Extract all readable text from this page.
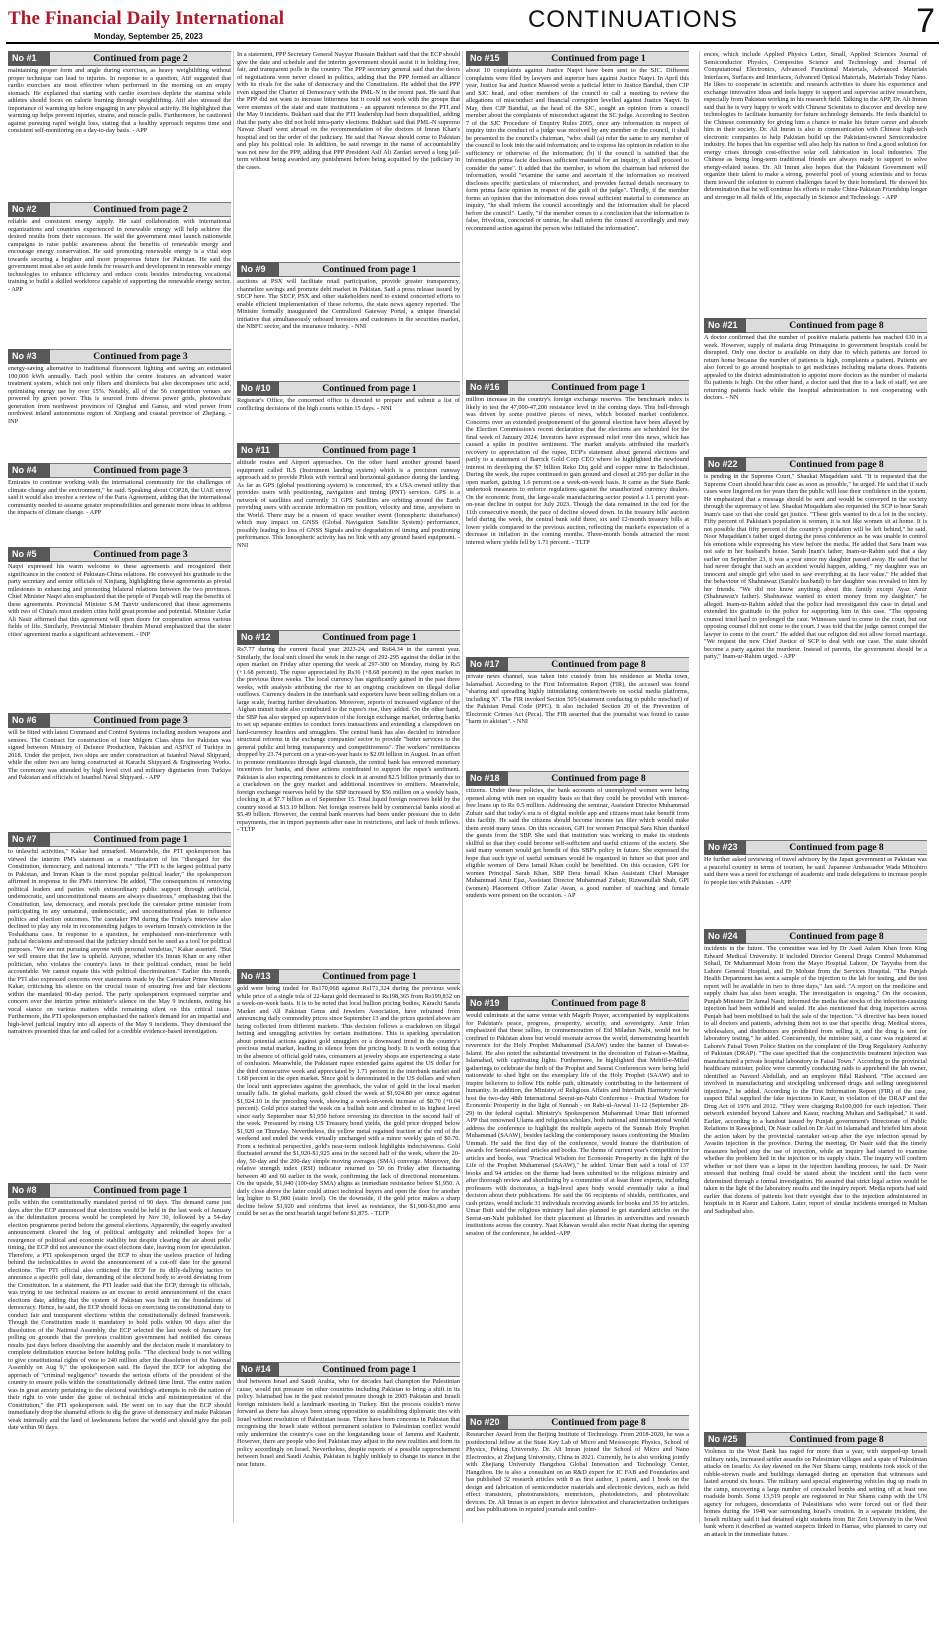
The Financial Daily International
Monday, September 25, 2023
CONTINUATIONS	7
No #1	Continued from page 2
maintaining proper form and angle during exercises, as heavy weightlifting without proper technique can lead to injuries. In response to a question, Atif suggested that cardio exercises are most effective when performed in the morning on an empty stomach. He explained that starting with cardio exercises deplete the stamina while athletes should focus on calorie burning through weightlifting. Atif also stressed the importance of warming up before engaging in any physical activity. He highlighted that warming up helps prevent injuries, strains, and muscle pulls. Furthermore, he cautioned against pursuing rapid weight loss, stating that a healthy approach requires time and consistent self-monitoring on a day-to-day basis. - APP
No #2	Continued from page 2
reliable and consistent energy supply. He said collaboration with international organizations and countries experienced in renewable energy will help achieve the desired results from their successes. He said the government must launch nationwide campaigns to raise public awareness about the benefits of renewable energy and encourage energy conservation. He said promoting renewable energy is a vital step towards securing a brighter and more prosperous future for Pakistan. He said the government must also set aside funds for research and development in renewable energy technologies to enhance efficiency and reduce costs besides introducing vocational training to build a skilled workforce capable of supporting the renewable energy sector. - APP
No #3	Continued from page 3
energy-saving alternative to traditional fluorescent lighting and saving an estimated 100,000 kWh annually. Each pool within the centre features an advanced water treatment system, which not only filters and disinfects but also decomposes uric acid, optimising energy use by over 15%. Notably, all of the 56 competition venues are powered by green power. This is sourced from diverse power grids, photovoltaic generation from northwest provinces of Qinghai and Gansu, and wind power from northwest inland autonomous region of Xinjiang and coastal province of Zhejiang. - INP
No #4	Continued from page 3
Emirates to continue working with the international community for the challenges of climate change and the environment," he said. Speaking about COP28, the UAE envoy said it would also involve a review of the Paris Agreement, adding that the international community needed to assume greater responsibilities and generate more ideas to address the impacts of climate change. - APP
No #5	Continued from page 3
Naqvi expressed his warm welcome to these agreements and recognized their significance in the context of Pakistan-China relations. He conveyed his gratitude to the party secretary and senior officials of Xinjiang, highlighting these agreements as pivotal milestones in enhancing and promoting bilateral relations between the two provinces. Chief Minister Naqvi also emphasized that the people of Punjab will reap the benefits of these agreements. Provincial Minister S.M Tanvir underscored that these agreements with two of China's most modern cities hold great promise and potential. Minister Azfar Ali Nasir affirmed that this agreement will open doors for cooperation across various fields of life. Similarly, Provincial Minister Ibrahim Murad emphasized that the sister cities' agreement marks a significant achievement. - INP
No #6	Continued from page 3
will be fitted with latest Command and Control Systems including modern weapons and sensors. The Contract for construction of four Milgem Class ships for Pakistan was signed between Ministry of Defence Production, Pakistan and ASFAT of Turkiye in 2018. Under the project, two ships are under construction at Istanbul Naval Shipyard, while the other two are being constructed at Karachi Shipyard & Engineering Works. The ceremony was attended by high level civil and military dignitaries from Turkiye and Pakistan and officials of Istanbul Naval Shipyard. - APP
No #7	Continued from page 1
to unlawful activities," Kakar had remarked. Meanwhile, the PTI spokesperson has viewed the interim PM's statement as a manifestation of his "disregard for the Constitution, democracy, and national interests." "The PTI is the largest political party in Pakistan, and Imran Khan is the most popular political leader," the spokesperson affirmed in response to the PM's interview. He added, "The consequences of removing political leaders and parties with extraordinary public support through artificial, undemocratic, and unconstitutional means are always disastrous," emphasising that the Constitution, law, democracy, and morals preclude the caretaker prime minister from participating in any unnatural, undemocratic, and unconstitutional plan to influence politics and election outcomes. The caretaker PM during the Friday's interview also declined to play any role in recommending judges to overturn Imran's conviction in the Toshakhana case. In response to a question, he emphasised non-interference with judicial decisions and stressed that the judiciary should not be used as a tool for political purposes. "We are not pursuing anyone with personal vendettas," Kakar asserted. "But we will ensure that the law is upheld. Anyone, whether it's Imran Khan or any other politician, who violates the country's laws in their political conduct, must be held accountable. We cannot equate this with political discrimination." Earlier this month, the PTI also expressed concerns over statements made by the Caretaker Prime Minister Kakar, criticising his silence on the crucial issue of ensuring free and fair elections within the mandated 90-day period. The party spokesperson expressed surprise and concern over the interim prime minister's silence on the May 9 incidents, noting his vocal stance on various matters while remaining silent on this critical issue. Furthermore, the PTI spokesperson emphasised the nation's demand for an impartial and high-level judicial inquiry into all aspects of the May 9 incidents. They dismissed the narratives presented thus far and called for a credible evidence-based investigation.
No #8	Continued from page 1
polls within the constitutionally mandated period of 90 days. The demand came just days after the ECP announced that elections would be held in the last week of January as the delimitation process would be completed by Nov 30, followed by a 54-day election programme period before the general elections. Apparently, the eagerly awaited announcement cleared the fog of political ambiguity and rekindled hopes for a resurgence of political and economic stability but despite clearing the air about polls' timing, the ECP did not announce the exact elections date, leaving room for speculation. Therefore, a PTI spokesperson urged the ECP to shun the useless practice of hiding behind the technicalities to avoid the announcement of a cut-off date for the general elections. The PTI official also criticised the ECP for its dilly-dallying tactics to announce a specific poll date, demanding of the electoral body to avoid deviating from the Constitution. In a statement, the PTI leader said that the ECP, through its officials, was trying to use technical reasons as an excuse to avoid announcement of the exact elections date, adding that the system of Pakistan was built on the foundations of democracy. Hence, he said, the ECP should focus on exercising its constitutional duty to conduct fair and transparent elections within the constitutionally defined framework. Though the Constitution made it mandatory to hold polls within 90 days after the dissolution of the National Assembly, the ECP selected the last week of January for polling on grounds that the previous coalition government had notified the census results just days before dissolving the assembly and the decision made it mandatory to complete delimitation exercise before holding polls. "The electoral body is not willing to give constitutional rights of vote to 240 million after the dissolution of the National Assembly on Aug 9," the spokesperson said. He flayed the ECP for adopting the approach of "criminal negligence" towards the serious efforts of the president of the country to ensure polls within the constitutionally defined time limit. The entire nation was in great anxiety pertaining to the electoral watchdog's attempts to rob the nation of their right to vote under the guise of technical tricks and misinterpretation of the Constitution," the PTI spokesperson said. He went on to say that the ECP should immediately drop the shameful efforts to dig the grave of democracy and make Pakistan weak internally and the land of lawlessness before the world and should give the poll date within 90 days.
In a statement, PPP Secretary General Nayyar Hussain Bukhari said that the ECP should give the date and schedule and the interim government should assist it in holding free, fair, and transparent polls in the country. The PPP secretary general said that the doors of negotiations were never closed in politics, adding that the PPP formed an alliance with its rivals for the sake of democracy and the Constitution. He added that the PPP even signed the Charter of Democracy with the PML-N in the recent past. He said that the PPP did not want to increase bitterness but it could not work with the groups that were enemies of the state and state institutions - an apparent reference to the PTI and the May 9 incidents. Bukhari said that the PTI leadership had been disqualified, adding that the party also did not hold intra-party elections. Bukhari said that PML-N supremo Nawaz Sharif went abroad on the recommendation of the doctors of Imran Khan's hospital and on the order of the judiciary. He said that Nawaz should come to Pakistan and play his political role. In addition, he said revenge in the name of accountability was not new for the PPP, adding that PPP President Asif Ali Zardari served a long jail-term without being awarded any punishment before being acquitted by the judiciary in the cases.
No #9	Continued from page 1
auctions at PSX will facilitate retail participation, provide greater transparency, channelize savings and promote debt market in Pakistan. Said a press release issued by SECP here. The SECP, PSX and other stakeholders need to extend concerted efforts to enable efficient implementation of these reforms, the state news agency reported. The Minister formally inaugurated the Centralized Gateway Portal, a unique financial initiative that simultaneously onboard investors and customers in the securities market, the NBFC sector, and the insurance industry. - NNI
No #10	Continued from page 1
Registrar's Office, the concerned office is directed to prepare and submit a list of conflicting decisions of the high courts within 15 days. - NNI
No #11	Continued from page 1
altitude routes and Airport approaches. On the other hand another ground based equipment called ILS (Instrument landing system) which is a precision runway approach aid to provide Pilots with vertical and horizontal guidance during the landing. As far as GPS (global positioning system) is concerned, it's a USA owned utility that provides users with positioning, navigation and timing (PNT) services. GPS is a network of satellites and currently 31 GPS Satellites are orbiting around the Earth providing users with accurate information on position, velocity and time, anywhere in the World. There may be a reason of space weather event (Ionospheric disturbance) which may impact on GNSS (Global Navigation Satellite System) performance, possibly leading to loss of GNSS Signals and/or degradation of timing and positioning performance. This Ionospheric activity has no link with any ground based equipment. - NNI
No #12	Continued from page 1
Rs7.77 during the current fiscal year 2023-24, and Rs64.34 in the current year. Similarly, the local unit closed the week in the range of 292-295 against the dollar in the open market on Friday after opening the week at 297-300 on Monday, rising by Rs5 (+1.68 percent). The rupee appreciated by Rs36 (+8.68 percent) in the open market in the previous three weeks. The local currency has significantly gained in the past three weeks, with analysts attributing the rise to an ongoing crackdown on illegal dollar outflows. Currency dealers in the interbank said exporters have been selling dollars on a large scale, fearing further devaluation. Moreover, reports of increased vigilance of the Afghan transit trade also contributed to the rupee's rise, they added. On the other hand, the SBP has also stepped up supervision of the foreign exchange market, ordering banks to set up separate entities to conduct forex transactions and extending a clampdown on hard-currency hoarders and smugglers. The central bank has also decided to introduce structural reforms in the exchange companies' sector to provide "better services to the general public and bring transparency and competitiveness". The workers' remittances dropped by 23.74 percent on a year-on-year basis to $2.09 billion in August. In an effort to promote remittances through legal channels, the central bank has removed monetary incentives for banks, and these actions contributed to support the rupee's sentiment. Pakistan is also expecting remittances to clock in at around $2.5 billion primarily due to a crackdown on the grey market and additional incentives to emitters. Meanwhile, foreign exchange reserves held by the SBP increased by $56 million on a weekly basis, clocking in at $7.7 billion as of September 15. Total liquid foreign reserves held by the country stood at $13.19 billion. Net foreign reserves held by commercial banks stood at $5.49 billion. However, the central bank reserves had been under pressure due to debt repayments, rise in import payments after ease in restrictions, and lack of fresh inflows. - TLTP
No #13	Continued from page 1
gold were being traded for Rs170,068 against Rs171,324 during the previous week while price of a single tola of 22-karat gold decreased to Rs198,365 from Rs199,832 on a week-on-week basis. It is to be noted that local bullion pricing bodies, Karachi Sarafa Market and All Pakistan Gems and Jewelers Association, have refrained from announcing daily commodity prices since September 13 and the prices quoted above are being collected from different markets. This decision follows a crackdown on illegal betting and smuggling activities by certain institutions. This is sparking speculation about potential actions against gold smugglers or a downward trend in the country's precious metal market, leading to silence from the pricing body. It is worth noting that in the absence of official gold rates, consumers at jewelry shops are experiencing a state of confusion. Meanwhile, the Pakistani rupee extended gains against the US dollar for the third consecutive week and appreciated by 1.71 percent in the interbank market and 1.68 percent in the open market. Since gold is denominated in the US dollars and when the local unit appreciates against the greenback, the value of gold in the local market usually falls. In global markets, gold closed the week at $1,924.80 per ounce against $1,924.10 in the preceding week, showing a week-on-week increase of $0.70 (+0.04 percent). Gold price started the week on a bullish note and climbed to its highest level since early September near $1,950 before reversing its direction in the second half of the week. Pressured by rising US Treasury bond yields, the gold price dropped below $1,920 on Thursday. Nevertheless, the yellow metal regained traction at the end of the weekend and ended the week virtually unchanged with a minor weekly gain of $0.70. From a technical perspective, gold's near-term outlook highlights indecisiveness. Gold fluctuated around the $1,920-$1,925 area in the second half of the week, where the 20-day, 50-day and the 200-day simple moving averages (SMA) converge. Moreover, the relative strength index (RSI) indicator returned to 50 on Friday after fluctuating between 40 and 60 earlier in the week, confirming the lack of directional momentum. On the upside, $1,940 (100-day SMA) aligns as immediate resistance before $1,950. A daily close above the latter could attract technical buyers and open the door for another leg higher to $1,980 (static level). On the downside, if the gold price makes a sharp decline below $1,920 and confirms that level as resistance, the $1,900-$1,890 area could be set as the next bearish target before $1,875. - TLTP
No #14	Continued from page 1
deal between Israel and Saudi Arabia, who for decades had champion the Palestinian cause, would put pressure on other countries including Pakistan to bring a shift in its policy. Islamabad has in the past resisted pressure though in 2005 Pakistan and Israeli foreign ministers held a landmark meeting in Turkey. But the process couldn't move forward as there has always been strong opposition to establishing diplomatic ties with Israel without resolution of Palestinian issue. There have been concerns in Pakistan that recognising the Israeli state without permanent solution to Palestinian conflict would only undermine the country's case on the longstanding issue of Jammu and Kashmir. However, there are people who feel Pakistan may adjust to the new realities and form its policy accordingly on Israel. Nevertheless, despite reports of a possible rapprochement between Israel and Saudi Arabia, Pakistan is highly unlikely to change its stance in the near future.
No #15	Continued from page 1
about 10 complaints against Justice Naqvi have been sent to the SJC. Different complaints were filed by lawyers and superior bars against Justice Naqvi. In April this year, Justice Isa and Justice Masood wrote a judicial letter to Justice Bandial, then CJP and SJC head, and other members of the council to call a meeting to review the allegations of misconduct and financial corruption levelled against Justice Naqvi. In May, then CJP Bandial, as the head of the SJC, sought an opinion from a council member about the complaints of misconduct against the SC judge. According to Section 7 of the SJC Procedure of Enquiry Rules 2005, once any information in respect of inquiry into the conduct of a judge was received by any member or the council, it shall be presented to the council's chairman, "who: shall (a) refer the same to any member of the council to look into the said information; and to express his opinion in relation to the sufficiency or otherwise of the information; (b) if the council is satisfied that the information prima facie discloses sufficient material for an inquiry, it shall proceed to consider the same". It added that the member, to whom the chairman had referred the information, would "examine the same and ascertain if the information so received discloses specific particulars of misconduct, and provides factual details necessary to form prima facie opinion in respect of the guilt of the judge". Thirdly, if the member forms an opinion that the information does reveal sufficient material to commence an inquiry, "he shall inform the council accordingly and the information shall be placed before the council". Lastly, "if the member comes to a conclusion that the information is false, frivolous, concocted or untrue, he shall inform the council accordingly and may recommend action against the person who initiated the information".
No #16	Continued from page 1
million increase in the country's foreign exchange reserves. The benchmark index is likely to test the 47,000-47,200 resistance level in the coming days. This bull-through was driven by some positive pieces of news, which boosted market confidence. Concerns over an extended postponement of the general election have been allayed by the Election Commission's recent declaration that the elections are scheduled for the final week of January 2024. Investors have expressed relief over this news, which has caused a spike in positive sentiment. The market analysts attributed the market's recovery to appreciation of the rupee, ECP's statement about general elections and partly to a statement of Barrick Gold Corp CEO where he highlighted the newfound interest in developing the $7 billion Reko Diq gold and copper mine in Balochistan. During the week, the rupee continued to gain ground and closed at 295 per dollar in the open market, gaining 1.6 percent on a week-on-week basis. It came as the State Bank undertook measures to enforce regulations against the unauthorized currency dealers. On the economic front, the large-scale manufacturing sector posted a 1.1 percent year-on-year decline in output for July 2023. Though the data remained in the red for the 11th consecutive month, the pace of decline slowed down. In the treasury bills' auction held during the week, the central bank sold three, six and 12-month treasury bills at lower yields compared to the previous auction, reflecting the market's expectation of a decrease in inflation in the coming months. Three-month bonds attracted the most interest where yields fell by 1.71 percent. - TLTP
No #17	Continued from page 8
private news channel, was taken into custody from his residence at Media town, Islamabad. According to the First Information Report (FIR), the accused was found "sharing and spreading highly intimidating content/tweets on social media platforms, including X". The FIR invoked Section 505 (statement conducing to public mischief) of the Pakistan Penal Code (PPC). It also included Section 20 of the Prevention of Electronic Crimes Act (Peca). The FIR asserted that the journalist was found to cause "harm to akistan". - NNI
No #18	Continued from page 8
citizens. Under these policies, the bank accounts of unemployed women were being opened along with men on equality basis so that they could be provided with interest-free loans up to Rs 0.5 million. Addressing the seminar, Assistant Director Muhammad Zubair said that today's era is of digital mobile app and citizens must take benefit from this facility. He said the citizens should become income tax filer which would make them avoid many taxes. On this occasion, GPI for women Principal Sara Khan thanked the guests from the SBP. She said that institution was working to make its students skillful so that they could become self-sufficient and useful citizens of the society. She said many women would get benefit of this SBP's policy in future. She expressed the hope that such type of useful seminars would be organized in future so that poor and eligible women of Dera Ismail Khan could be benefitted. On this occasion, GPI for women Principal Sarah Khan, SBP Dera Ismail Khan Assistant Chief Manager Muhammad Amir Ejaz, Assistant Director Muhammad Zubair, Rizwanullah Shah, GPI (women) Placement Officer Zafar Awan, a good number of teaching and female students were present on the occasion. - AP
No #19	Continued from page 8
would culminate at the same venue with Magrib Prayer, accompanied by supplications for Pakistan's peace, progress, prosperity, security, and sovereignty. Amir Irfan emphasized that these rallies, in commemoration of Eid Miladun Nabi, would not be confined to Pakistan alone but would resonate across the world, demonstrating heartfelt reverence for the Holy Prophet Muhammad (SAAW) under the banner of Dawat-e-Islami. He also noted the substantial investment in the decoration of Faizan-e-Madina, Islamabad, with captivating lights. Furthermore, he highlighted that Mehfil-e-Milad gatherings to celebrate the birth of the Prophet and Seerat Conferences were being held nationwide to shed light on the exemplary life of the Holy Prophet (SAAW) and to inspire believers to follow His noble path, ultimately contributing to the betterment of humanity. In addition, the Ministry of Religious Affairs and Interfaith Harmony would host the two-day 48th International Seerat-un-Nabi Conference - Practical Wisdom for Economic Prosperity in the light of Sunnah - on Rabi-ul-Awwal 11-12 (September 28-29) in the federal capital. Ministry's Spokesperson Muhammad Umar Butt informed APP that renowned Ulama and religious scholars, both national and international would address the conference to highlight the multiple aspects of the Sunnah Holy Prophet Muhammad (SAAW), besides tackling the contemporary issues confronting the Muslim Ummah. He said the first day of the conference, would feature the distribution of awards for Seerat-related articles and books. The theme of current year's competition for articles and books, was "Practical Wisdom for Economic Prosperity in the light of the Life of the Prophet Muhammad (SAAW)," he added. Umar Butt said a total of 137 books and 94 articles on the theme had been submitted to the religious ministry and after thorough review and shortlisting by a committee of at least three experts, including professors with doctorates, a high-level apex body would eventually take a final decision about their publications. He said the 66 recipients of shields, certificates, and cash prizes, would include 31 individuals receiving awards for books and 35 for articles. Umar Butt said the religious ministry had also planned to get standard articles on the Seerat-un-Nabi published for their placement at libraries in universities and research institutions across the country. Naat Khawan would also recite Naat during the opening session of the conference, he added.-APP
No #20	Continued from page 8
Researcher Award from the Beijing Institute of Technology. From 2018-2020, he was a postdoctoral fellow at the State Key Lab of Micro and Mesoscopic Physics, School of Physics, Peking University. Dr. Ali Imran joined the School of Micro and Nano Electronics, at Zhejiang University, China in 2021. Currently, he is also working jointly with Zhejiang University Hangzhou Global Innovation and Technology Center, Hangzhou. He is also a consultant on an R&D expert for IC FAB and Foundaries and has published 32 research articles with 8 as first author, 1 patent, and 1 book on the design and fabrication of semiconductor materials and electronic devices, such as field effect transistors, phototransistors, memristors, photodetectors, and photovoltaic devices. Dr. Ali Imran is an expert in device fabrication and characterization techniques and has publications in reputed journals and confer-
ences, which include Applied Physics Letter, Small, Applied Sciences Journal of Semiconductor Physics, Composites Science and Technology and Journal of Computational Electronics, Advanced Functional Materials, Advanced Materials Interfaces, Surfaces and Interfaces, Advanced Optical Materials, Materials Today Nano. He likes to cooperate in scientific and research activities to share his experience and exchange innovative ideas and feels happy to support and supervise active researchers, especially from Pakistan working in his research field. Talking to the APP, Dr. Ali Imran said that he is very happy to work with Chinese Scientists to discover and develop new technologies to facilitate humanity for future technology demands. He feels thankful to the Chinese community for giving him a chance to make his future career and absorb him in their society. Dr. Ali Imran is also in communication with Chinese high-tech electronic companies to help Pakistan build up the Pakistani-owned Semiconductor industry. He hopes that his expertise will also help his nation to find a good solution for energy crises through cost-effective solar cell fabrication in local industries. The Chinese as being long-term traditional friends are always ready to support to solve energy-related issues. Dr. Ali Imran also hopes that the Pakistani Government will organize their talent to make a strong, powerful pool of young scientists and to focus them toward the solution to current challenges faced by their homeland. He showed his determination that he will continue his efforts to make China-Pakistan Friendship longer and stronger in all fields of life, especially in Science and Technology. - APP
No #21	Continued from page 8
A doctor confirmed that the number of positive malaria patients has reached 630 in a week. However, supply of malaria drug Primaquine to government hospitals could be disrupted. Only one doctor is available on duty due to which patients are forced to return home because the number of patients is high, complaints a patient. Patients are also forced to go around hospitals to get medicines including malaria doses. Patients appealed to the district administration to appoint more doctors as the number of malaria flu patients is high. On the other hand, a doctor said that due to a lack of staff, we are returning patients back while the hospital administration is not cooperating with doctors. - NN
No #22	Continued from page 8
is pending in the Supreme Court," Shaukat Muqaddam said. "It is requested that the Supreme Court should hear this case as soon as possible," he urged. He said that if such cases were lingered on for years then the public will lose their confidence in the system. He emphasized that a message should be sent and would be conveyed in the society through the supremacy of law. Shaukat Muqaddam also requested the SCP to hear Sarah Inam's case so that she could get justice. "These girls wanted to do a lot in the society. Fifty percent of Pakistan's population is women, it is not like women sit at home. It is not possible that fifty percent of the country's population will be left behind," he said. Noor Muqaddam's father urged during the press conference as he was unable to control his emotions while expressing his view before the media. He added that Sara Inam was not safe in her husband's house. Sarah Inam's father, Inam-ur-Rahim said that a day earlier on September 23, it was a year since my daughter passed away. He said that he had never thought that such an accident would happen, adding, " my daughter was an innocent and simple girl who used to saw everything at its face value." He added that the behaviour of Shahnawaz (Sarah's husband) to her daughter was revealed to him by her friends. "We did not know anything about this family except Ayaz Amir (Shahnawaz's father). Shahnawaz wanted to extort money from my daughter," he alleged. Inam-ur-Rahim added that the police had investigated this case in detail and extended his gratitude to the police for supporting him in this case. "The opposing counsel tried hard to prolonged the case. Witnesses used to come to the court, but our opposing counsel did not come to the court. I was told that the judge cannot compel the lawyer to come to the court." He added that our religion did not allow forced marriage. "We request the new Chief Justice of SCP to deal with our case. The state should become a party against the murderer. Instead of parents, the government should be a party," Inam-ur-Rahim urged. - APP
No #23	Continued from page 8
He further asked reviewing of travel advisory by the Japan government as Pakistan was a peaceful country in terms of tourism, he said. Japanese Ambassador Wada Mitsuhiro said there was a need for exchange of academic and trade delegations to increase people to people ties with Pakistan. - APP
No #24	Continued from page 8
incidents in the future. The committee was led by Dr Asad Aslam Khan from King Edward Medical University. It included Director General Drugs Control Muhammad Sohail, Dr Muhammad Moin from the Mayo Hospital Lahore, Dr Tayyaba from the Lahore General Hospital, and Dr Mohsin from the Services Hospital. "The Punjab Health Department has sent a sample of the injection to the lab for testing, and the test report will be available in two to three days," Jan said. "A report on the medicine and supply chain has also been sought. The investigation is ongoing." On the occasion, Punjab Minister Dr Jamal Nasir, informed the media that stocks of the infection-causing injection had been withheld and sealed. He also mentioned that drug inspectors across Punjab had been mobilised to halt the sale of the injection. "A directive has been issued to all doctors and patients, advising them not to use that specific drug. Medical stores, wholesalers, and distributors are prohibited from selling it, and the drug is sent for laboratory testing," he added. Concurrently, the minister said, a case was registered at Lahore's Faisal Town Police Station on the complaint of the Drug Regulatory Authority of Pakistan (DRAP). "The case specified that the conjunctivitis treatment injection was manufactured a private hospital laboratory in Faisal Town." According to the provincial healthcare minister, police were currently conducting raids to apprehend the lab owner, identified as Naveed Abdullah, and an employee Bilal Rasheed. "The accused are involved in manufacturing and stockpiling unlicensed drugs and selling unregistered injections," he added. According to the First Information Report (FIR) of the case, suspect Bilal supplied the fake injections in Kasur, in violation of the DRAP and the Drug Act of 1976 and 2012. "They were charging Rs100,000 for each injection. Their network extended beyond Lahore and Kasur, reaching Multan and Sadiqabad," it said. Earlier, according to a handout issued by Punjab government's Directorate of Public Relations in Rawalpindi, Dr Nasir called on Dr Asif in Islamabad and briefed him about the action taken by the provincial caretaker set-up after the eye infection spread by Avastin injection in the province. During the meeting, Dr Nasir said that the timely measures helped stop the use of injection, while an inquiry had started to examine whether the problem lied in the injection or its supply chain. The inquiry will confirm whether or not there was a lapse in the injection handling process, he said. Dr Nasir stressed that nothing final could be stated about the incident until the facts were determined through a formal investigation. He assured that strict legal action would be taken in the light of the laboratory results and the inquiry report. Media reports had said earlier that dozens of patients lost their eyesight due to the injection administered in hospitals in in Kasur and Lahore. Later, report of similar incidents emerged in Multan and Sadiqabad also.
No #25	Continued from page 8
Violence in the West Bank has raged for more than a year, with stepped-up Israeli military raids, increased settler assaults on Palestinian villages and a spate of Palestinian attacks on Israelis. As day dawned on the Nur Shams camp, residents took stock of the rubble-strewn roads and buildings damaged during an operation that witnesses said lasted around six hours. The military said special engineering vehicles dug up roads in the camp, uncovering a large number of concealed bombs and setting off at least one roadside bomb. Some 13,519 people are registered in Nur Shams camp with the UN agency for refugees, descendants of Palestinians who were forced out or fled their homes during the 1948 war surrounding Israel's creation. In a separate incident, the Israeli military said it had detained eight students from Bir Zeit University in the West bank whom it described as wanted suspects linked to Hamas, who planned to carry out an attack in the immediate future.
